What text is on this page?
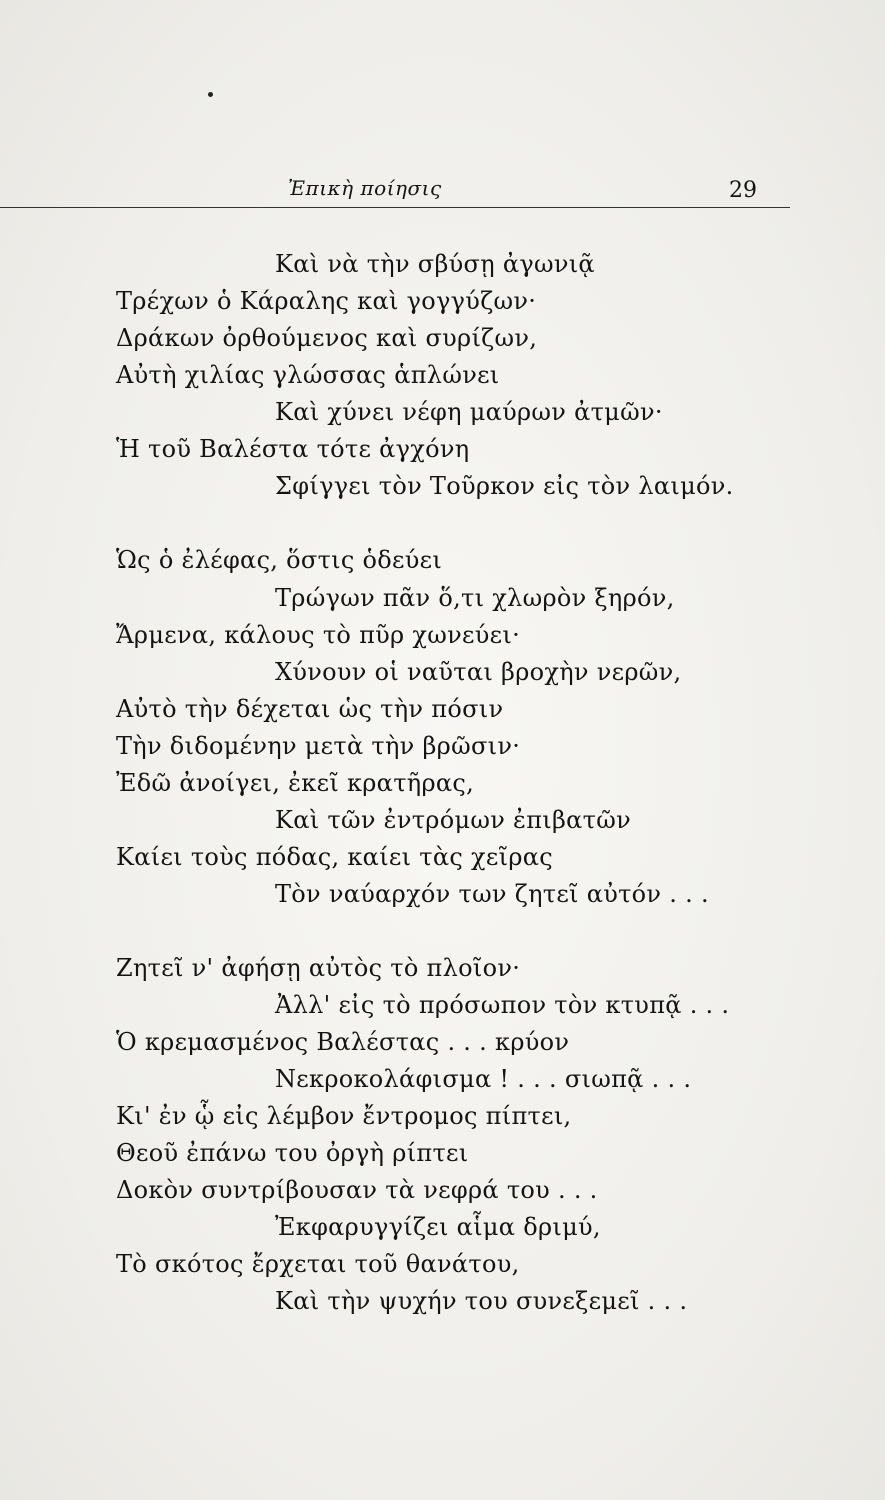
Ἐπικὴ ποίησις	29
Καὶ νὰ τὴν σβύσῃ ἀγωνιᾷ
Τρέχων ὁ Κάραλης καὶ γογγύζων·
Δράκων ὀρθούμενος καὶ συρίζων,
Αὐτὴ χιλίας γλώσσας ἁπλώνει
Καὶ χύνει νέφη μαύρων ἀτμῶν·
Ἡ τοῦ Βαλέστα τότε ἀγχόνη
Σφίγγει τὸν Τοῦρκον εἰς τὸν λαιμόν.
Ὡς ὁ ἐλέφας, ὅστις ὁδεύει
Τρώγων πᾶν ὅ,τι χλωρὸν ξηρόν,
Ἄρμενα, κάλους τὸ πῦρ χωνεύει·
Χύνουν οἱ ναῦται βροχὴν νερῶν,
Αὐτὸ τὴν δέχεται ὡς τὴν πόσιν
Τὴν διδομένην μετὰ τὴν βρῶσιν·
Ἐδῶ ἀνοίγει, ἐκεῖ κρατῆρας,
Καὶ τῶν ἐντρόμων ἐπιβατῶν
Καίει τοὺς πόδας, καίει τὰς χεῖρας
Τὸν ναύαρχόν των ζητεῖ αὐτόν . . .
Ζητεῖ ν' ἀφήσῃ αὐτὸς τὸ πλοῖον·
Ἀλλ' εἰς τὸ πρόσωπον τὸν κτυπᾷ . . .
Ὁ κρεμασμένος Βαλέστας . . . κρύον
Νεκροκολάφισμα ! . . . σιωπᾷ . . .
Κι' ἐν ᾧ εἰς λέμβον ἔντρομος πίπτει,
Θεοῦ ἐπάνω του ὀργὴ ρίπτει
Δοκὸν συντρίβουσαν τὰ νεφρά του . . .
Ἐκφαρυγγίζει αἷμα δριμύ,
Τὸ σκότος ἔρχεται τοῦ θανάτου,
Καὶ τὴν ψυχήν του συνεξεμεῖ . . .
